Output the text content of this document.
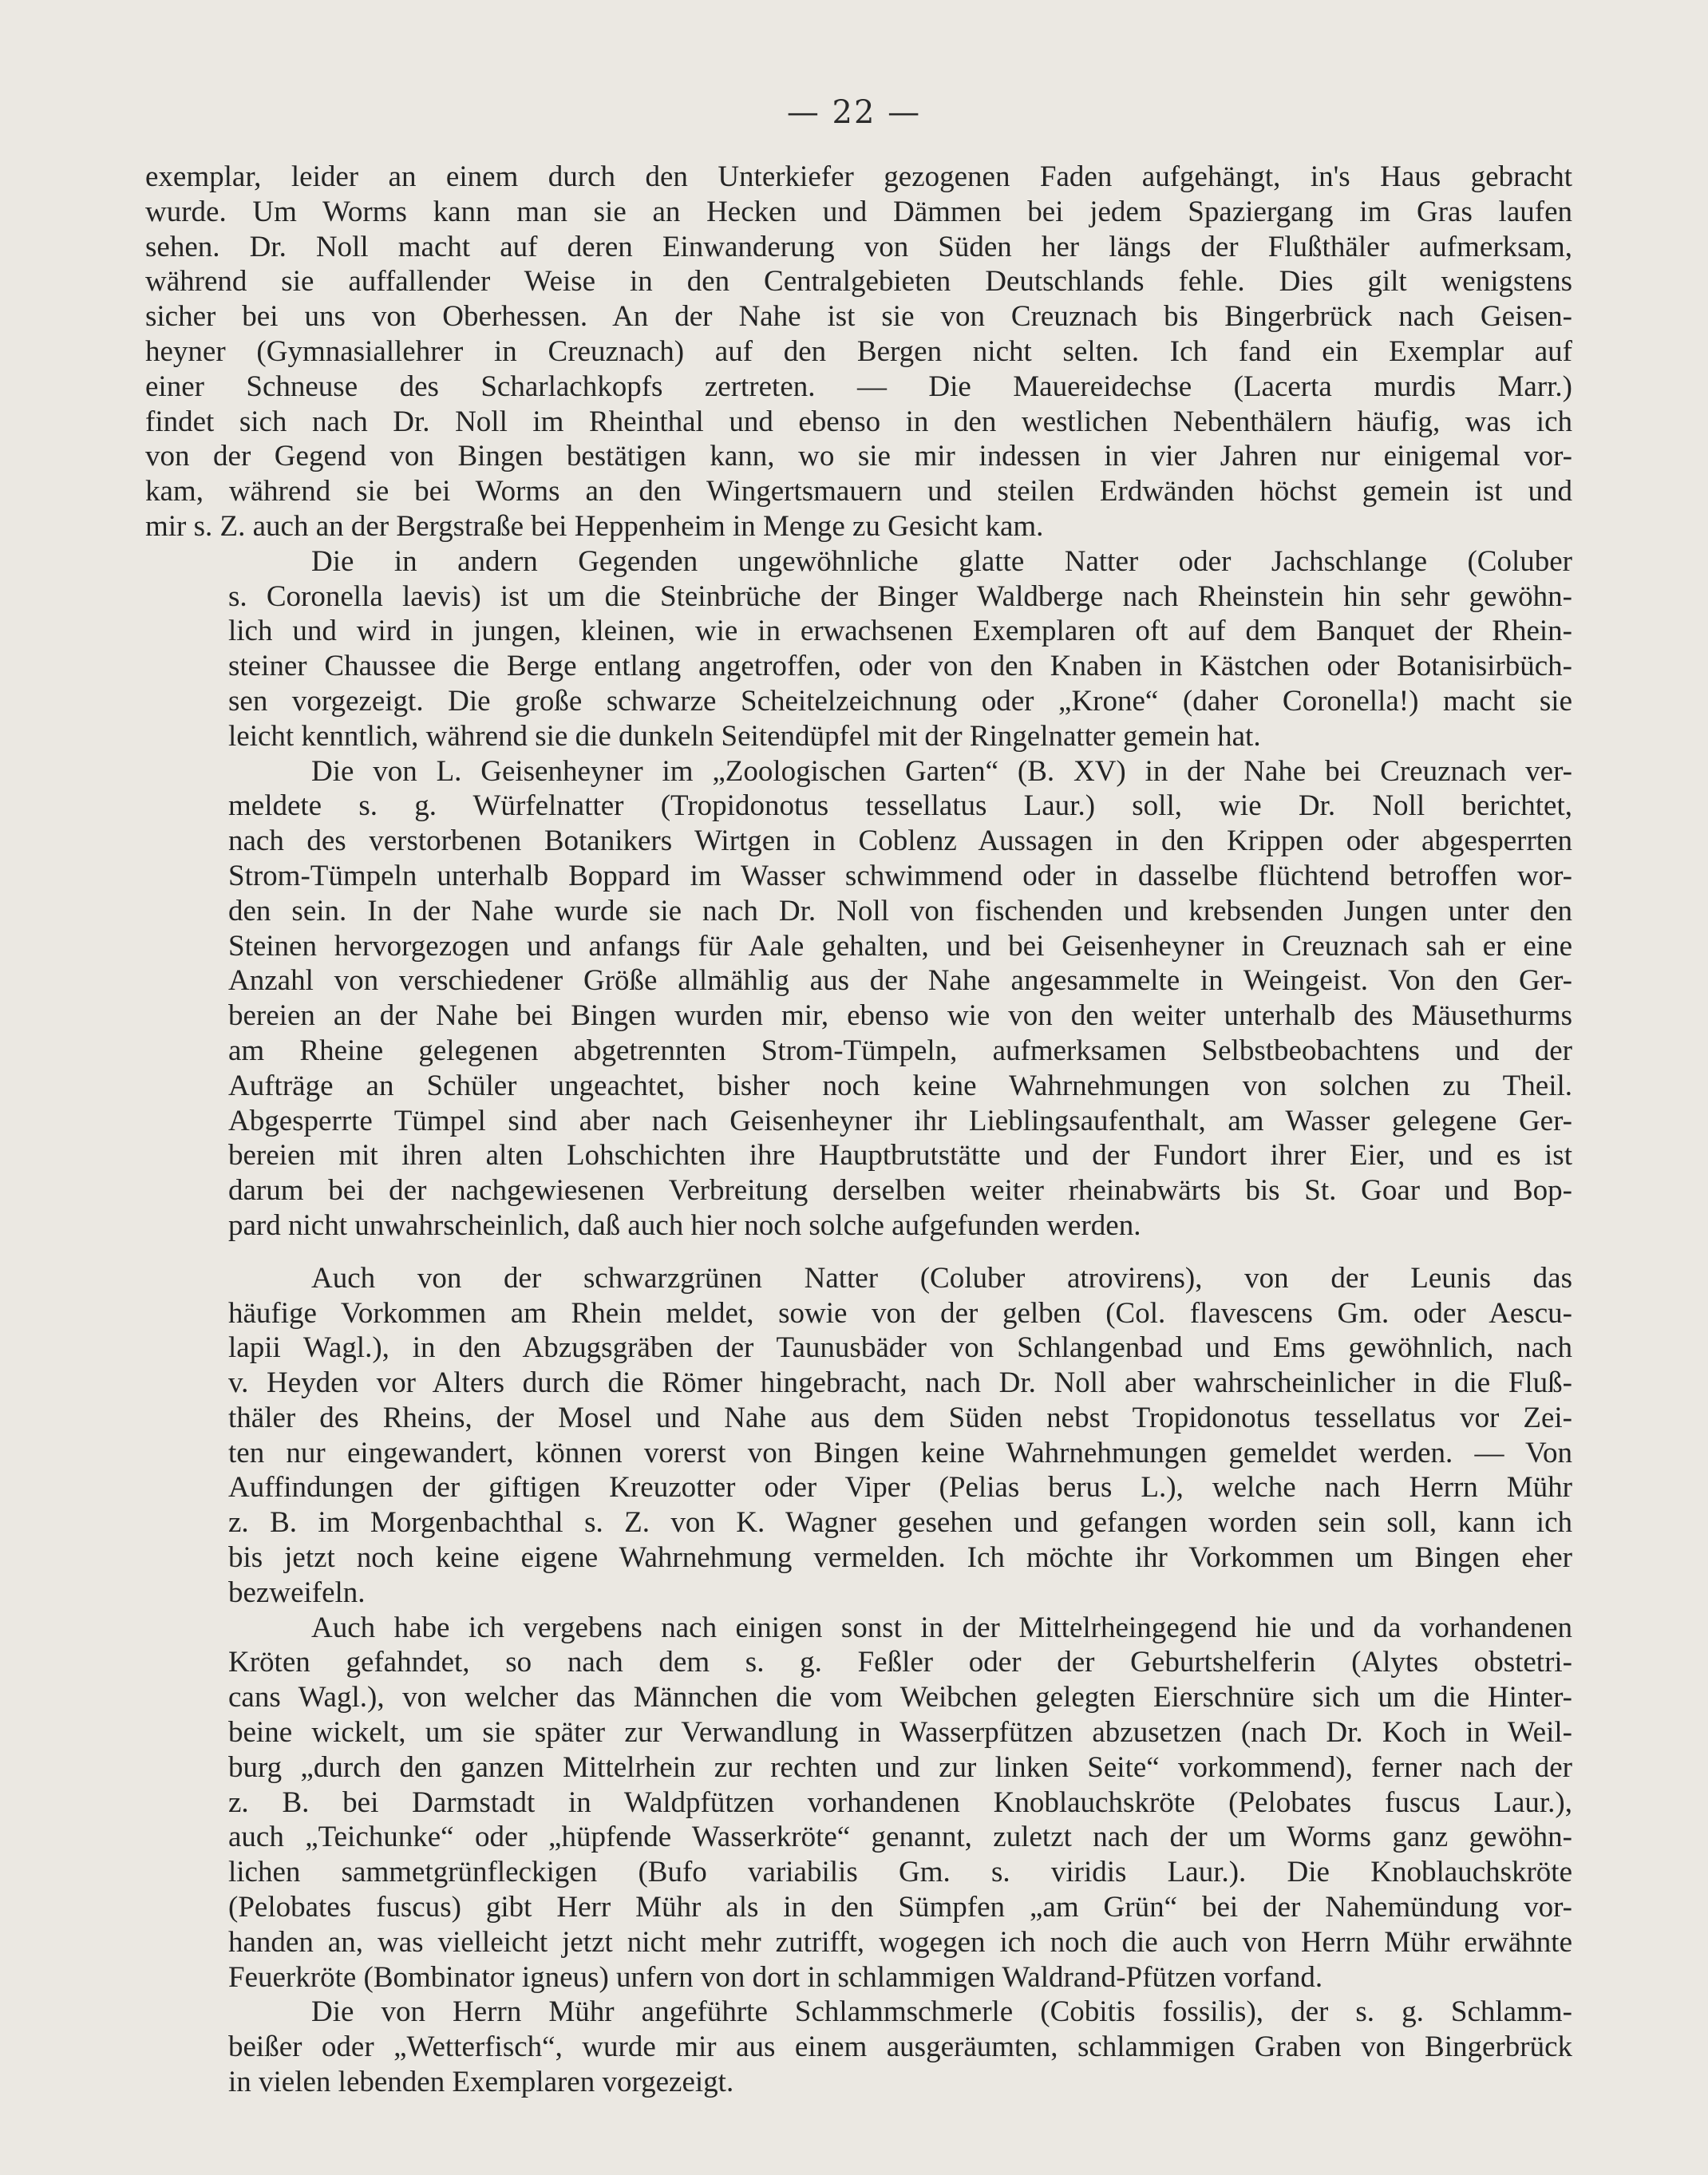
— 22 —
exemplar, leider an einem durch den Unterkiefer gezogenen Faden aufgehängt, in's Haus gebracht
wurde. Um Worms kann man sie an Hecken und Dämmen bei jedem Spaziergang im Gras laufen
sehen. Dr. Noll macht auf deren Einwanderung von Süden her längs der Flußthäler aufmerksam,
während sie auffallender Weise in den Centralgebieten Deutschlands fehle. Dies gilt wenigstens
sicher bei uns von Oberhessen. An der Nahe ist sie von Creuznach bis Bingerbrück nach Geisen-
heyner (Gymnasiallehrer in Creuznach) auf den Bergen nicht selten. Ich fand ein Exemplar auf
einer Schneuse des Scharlachkopfs zertreten. — Die Mauereidechse (Lacerta murdis Marr.)
findet sich nach Dr. Noll im Rheinthal und ebenso in den westlichen Nebenthälern häufig, was ich
von der Gegend von Bingen bestätigen kann, wo sie mir indessen in vier Jahren nur einigemal vor-
kam, während sie bei Worms an den Wingertsmauern und steilen Erdwänden höchst gemein ist und
mir s. Z. auch an der Bergstraße bei Heppenheim in Menge zu Gesicht kam.
Die in andern Gegenden ungewöhnliche glatte Natter oder Jachschlange (Coluber
s. Coronella laevis) ist um die Steinbrüche der Binger Waldberge nach Rheinstein hin sehr gewöhn-
lich und wird in jungen, kleinen, wie in erwachsenen Exemplaren oft auf dem Banquet der Rhein-
steiner Chaussee die Berge entlang angetroffen, oder von den Knaben in Kästchen oder Botanisirbüch-
sen vorgezeigt. Die große schwarze Scheitelzeichnung oder „Krone“ (daher Coronella!) macht sie
leicht kenntlich, während sie die dunkeln Seitendüpfel mit der Ringelnatter gemein hat.
Die von L. Geisenheyner im „Zoologischen Garten“ (B. XV) in der Nahe bei Creuznach ver-
meldete s. g. Würfelnatter (Tropidonotus tessellatus Laur.) soll, wie Dr. Noll berichtet,
nach des verstorbenen Botanikers Wirtgen in Coblenz Aussagen in den Krippen oder abgesperrten
Strom-Tümpeln unterhalb Boppard im Wasser schwimmend oder in dasselbe flüchtend betroffen wor-
den sein. In der Nahe wurde sie nach Dr. Noll von fischenden und krebsenden Jungen unter den
Steinen hervorgezogen und anfangs für Aale gehalten, und bei Geisenheyner in Creuznach sah er eine
Anzahl von verschiedener Größe allmählig aus der Nahe angesammelte in Weingeist. Von den Ger-
bereien an der Nahe bei Bingen wurden mir, ebenso wie von den weiter unterhalb des Mäusethurms
am Rheine gelegenen abgetrennten Strom-Tümpeln, aufmerksamen Selbstbeobachtens und der
Aufträge an Schüler ungeachtet, bisher noch keine Wahrnehmungen von solchen zu Theil.
Abgesperrte Tümpel sind aber nach Geisenheyner ihr Lieblingsaufenthalt, am Wasser gelegene Ger-
bereien mit ihren alten Lohschichten ihre Hauptbrutstätte und der Fundort ihrer Eier, und es ist
darum bei der nachgewiesenen Verbreitung derselben weiter rheinabwärts bis St. Goar und Bop-
pard nicht unwahrscheinlich, daß auch hier noch solche aufgefunden werden.
Auch von der schwarzgrünen Natter (Coluber atrovirens), von der Leunis das
häufige Vorkommen am Rhein meldet, sowie von der gelben (Col. flavescens Gm. oder Aescu-
lapii Wagl.), in den Abzugsgräben der Taunusbäder von Schlangenbad und Ems gewöhnlich, nach
v. Heyden vor Alters durch die Römer hingebracht, nach Dr. Noll aber wahrscheinlicher in die Fluß-
thäler des Rheins, der Mosel und Nahe aus dem Süden nebst Tropidonotus tessellatus vor Zei-
ten nur eingewandert, können vorerst von Bingen keine Wahrnehmungen gemeldet werden. — Von
Auffindungen der giftigen Kreuzotter oder Viper (Pelias berus L.), welche nach Herrn Mühr
z. B. im Morgenbachthal s. Z. von K. Wagner gesehen und gefangen worden sein soll, kann ich
bis jetzt noch keine eigene Wahrnehmung vermelden. Ich möchte ihr Vorkommen um Bingen eher
bezweifeln.
Auch habe ich vergebens nach einigen sonst in der Mittelrheingegend hie und da vorhandenen
Kröten gefahndet, so nach dem s. g. Feßler oder der Geburtshelferin (Alytes obstetri-
cans Wagl.), von welcher das Männchen die vom Weibchen gelegten Eierschnüre sich um die Hinter-
beine wickelt, um sie später zur Verwandlung in Wasserpfützen abzusetzen (nach Dr. Koch in Weil-
burg „durch den ganzen Mittelrhein zur rechten und zur linken Seite“ vorkommend), ferner nach der
z. B. bei Darmstadt in Waldpfützen vorhandenen Knoblauchskröte (Pelobates fuscus Laur.),
auch „Teichunke“ oder „hüpfende Wasserkröte“ genannt, zuletzt nach der um Worms ganz gewöhn-
lichen sammetgrünfleckigen (Bufo variabilis Gm. s. viridis Laur.). Die Knoblauchskröte
(Pelobates fuscus) gibt Herr Mühr als in den Sümpfen „am Grün“ bei der Nahemündung vor-
handen an, was vielleicht jetzt nicht mehr zutrifft, wogegen ich noch die auch von Herrn Mühr erwähnte
Feuerkröte (Bombinator igneus) unfern von dort in schlammigen Waldrand-Pfützen vorfand.
Die von Herrn Mühr angeführte Schlammschmerle (Cobitis fossilis), der s. g. Schlamm-
beißer oder „Wetterfisch“, wurde mir aus einem ausgeräumten, schlammigen Graben von Bingerbrück
in vielen lebenden Exemplaren vorgezeigt.
